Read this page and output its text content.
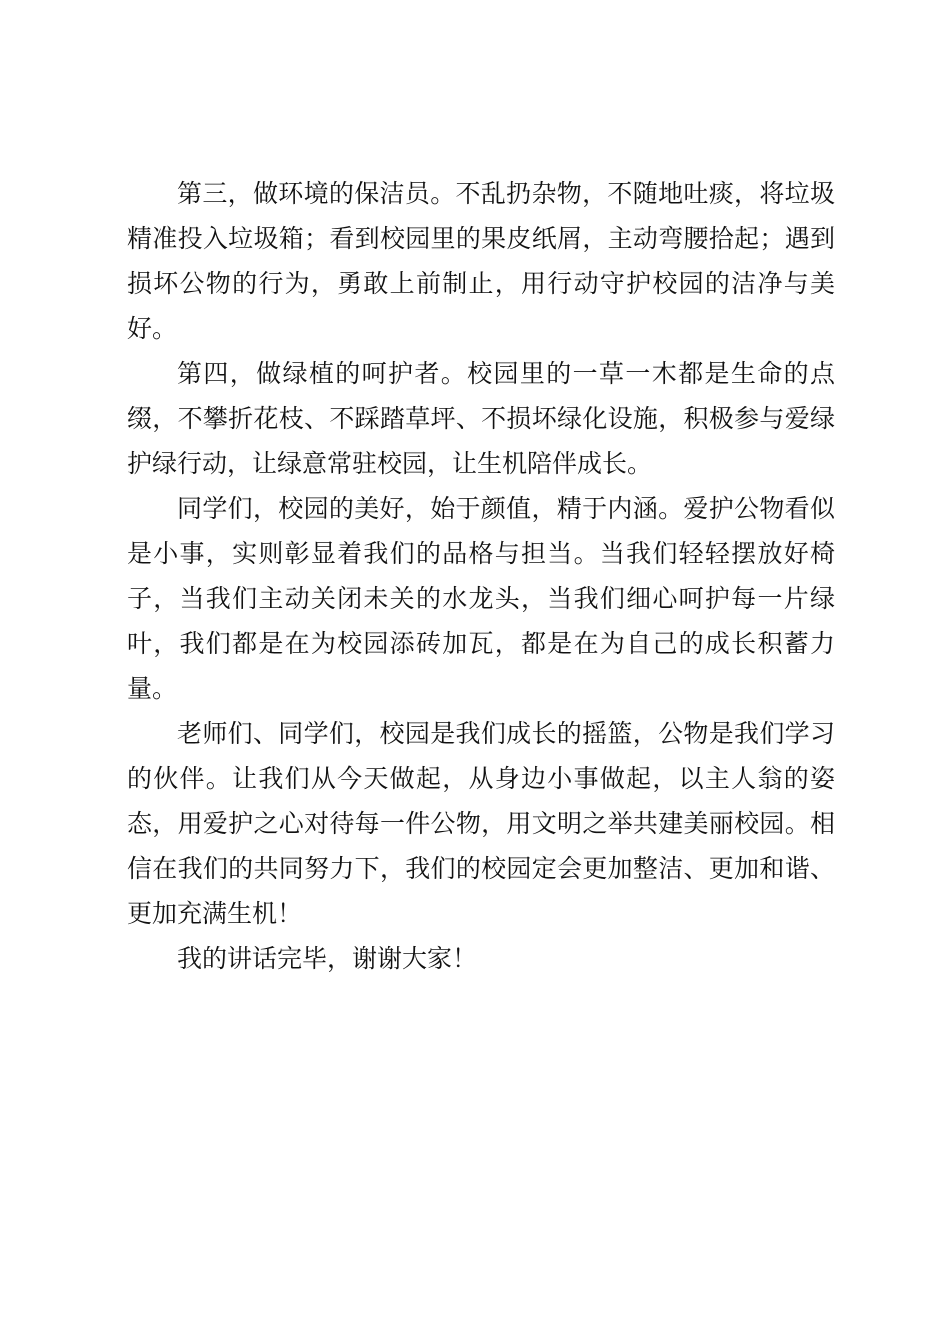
第三，做环境的保洁员。不乱扔杂物，不随地吐痰，将垃圾精准投入垃圾箱；看到校园里的果皮纸屑，主动弯腰拾起；遇到损坏公物的行为，勇敢上前制止，用行动守护校园的洁净与美好。

第四，做绿植的呵护者。校园里的一草一木都是生命的点缀，不攀折花枝、不踩踏草坪、不损坏绿化设施，积极参与爱绿护绿行动，让绿意常驻校园，让生机陪伴成长。

同学们，校园的美好，始于颜值，精于内涵。爱护公物看似是小事，实则彰显着我们的品格与担当。当我们轻轻摆放好椅子，当我们主动关闭未关的水龙头，当我们细心呵护每一片绿叶，我们都是在为校园添砖加瓦，都是在为自己的成长积蓄力量。

老师们、同学们，校园是我们成长的摇篮，公物是我们学习的伙伴。让我们从今天做起，从身边小事做起，以主人翁的姿态，用爱护之心对待每一件公物，用文明之举共建美丽校园。相信在我们的共同努力下，我们的校园定会更加整洁、更加和谐、更加充满生机！

我的讲话完毕，谢谢大家！
